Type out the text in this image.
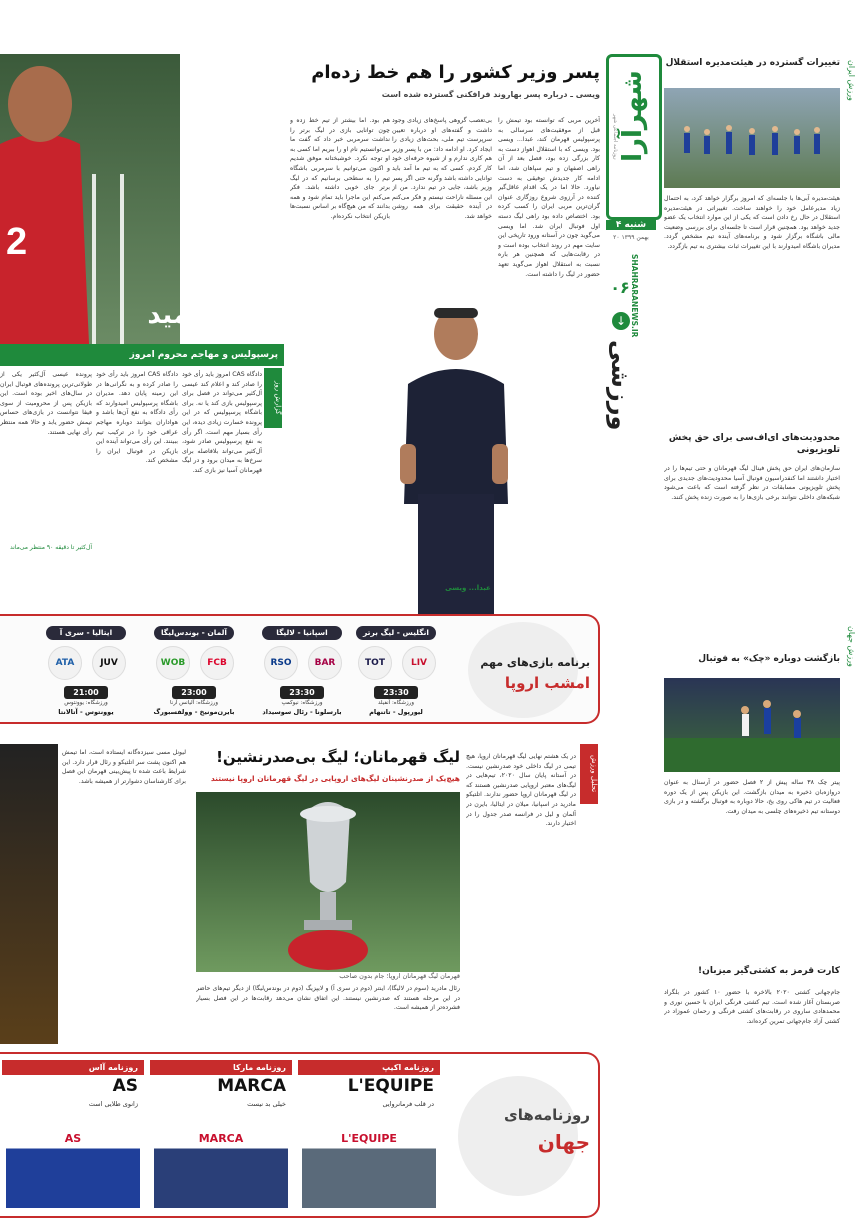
شهرآرا
روزنامه اجتماعی شهر
۴ شنبه
۲۰ بهمن ۱۳۹۹
SHAHRARANEWS.IR
۰۶
↓
ورزشی
تغییرات گسترده در هیئت‌مدیره استقلال
هیئت‌مدیره آبی‌ها با جلسه‌ای که امروز برگزار خواهد کرد، به احتمال زیاد مدیرعامل خود را خواهند ساخت. تغییراتی در هیئت‌مدیره استقلال در حال رخ دادن است که یکی از این موارد انتخاب یک عضو جدید خواهد بود. همچنین قرار است تا جلسه‌ای برای بررسی وضعیت مالی باشگاه برگزار شود و برنامه‌های آینده تیم مشخص گردد. مدیران باشگاه امیدوارند با این تغییرات ثبات بیشتری به تیم بازگردد.
محدودیت‌های ای‌اف‌سی برای حق پخش تلویزیونی
سازمان‌های ایران حق پخش فینال لیگ قهرمانان و حتی تیم‌ها را در اختیار داشتند اما کنفدراسیون فوتبال آسیا محدودیت‌های جدیدی برای پخش تلویزیونی مسابقات در نظر گرفته است که باعث می‌شود شبکه‌های داخلی نتوانند برخی بازی‌ها را به صورت زنده پخش کنند.
بازگشت دوباره «چک» به فوتبال
پیتر چک ۳۸ ساله پیش از ۲ فصل حضور در آرسنال به عنوان دروازه‌بان ذخیره به میدان بازگشت. این بازیکن پس از یک دوره فعالیت در تیم هاکی روی یخ، حالا دوباره به فوتبال برگشته و در بازی دوستانه تیم ذخیره‌های چلسی به میدان رفت.
کارت قرمز به کشتی‌گیر میزبان!
جام‌جهانی کشتی ۲۰۲۰ بالاخره با حضور ۱۰ کشور در بلگراد صربستان آغاز شده است. تیم کشتی فرنگی ایران با حسین نوری و محمدهادی ساروی در رقابت‌های کشتی فرنگی و رحمان عموزاد در کشتی آزاد جام‌جهانی تمرین کرده‌اند.
ورزش ایران
ورزش جهان
پسر وزیر کشور را هم خط زده‌ام
ویسی ـ درباره پسر بهاروند فرافکنی گسترده شده است
آخرین مربی که توانسته بود تیمش را قبل از موفقیت‌های سرسالی به پرسپولیس قهرمان کند، عبدا... ویسی بود. ویسی که با استقلال اهواز دست به کار بزرگی زده بود، فصل بعد از آن راهی اصفهان و تیم سپاهان شد، اما ادامه کار جدیدش توفیقی به دست نیاورد. حالا اما در یک اقدام عاقل‌گیر کننده در آرزوی شروع روزگاری عنوان گران‌ترین مربی ایران را کسب کرده بود. اختصاص داده بود راهی لیگ دسته اول فوتبال ایران شد. اما ویسی می‌گوید چون در آستانه ورود تاریخی این سایت مهم در روند انتخاب بوده است و در رقابت‌هایی که همچنین هر باره نسبت به استقلال اهواز می‌گوید تعهد حضور در لیگ را داشته است.
هم بود. اما بیشتر از تیم خط زده و چون توانایی بازی در لیگ برتر را نداشت سرمربی خبر داد که گفت ما می‌توانستیم نام او را ببریم اما کسی به او توجه نکرد. خوشبختانه موفق شدیم و اکنون می‌توانیم با سرمربی باشگاه تیم را به سطحی برسانیم که در لیگ برتر جای خوبی داشته باشد. فکر می‌کنم این ماجرا باید تمام شود و همه بدانند که من هیچ‌گاه بر اساس نسبت‌ها بازیکن انتخاب نکرده‌ام.
بی‌تعصب گروهی پاسخ‌های زیادی وجود داشت و گفته‌های او درباره تعیین سرپرست تیم ملی، بحث‌های زیادی را ایجاد کرد. او ادامه داد: من با پسر وزیر هم کاری ندارم و از شیوه حرفه‌ای خود کار کردم. کسی که به تیم ما آمد باید توانایی داشته باشد وگرنه حتی اگر پسر وزیر باشد، جایی در تیم ندارد. من از این مسئله ناراحت نیستم و فکر می‌کنم در آینده حقیقت برای همه روشن خواهد شد.
عبدا... ویسی
2
آخرین امید
پرسپولیس و مهاجم محروم امروز
گزارش روز
دادگاه CAS امروز باید رأی خود را صادر کند و اعلام کند عیسی آل‌کثیر می‌تواند در فصل برای پرسپولیس بازی کند یا نه. برای باشگاه پرسپولیس که در این پرونده خسارت زیادی دیده، این رأی بسیار مهم است. اگر رأی به نفع پرسپولیس صادر شود، آل‌کثیر می‌تواند بلافاصله برای سرخ‌ها به میدان برود و در لیگ قهرمانان آسیا نیز بازی کند.
دادگاه CAS امروز باید رأی خود را صادر کرده و به نگرانی‌ها در این زمینه پایان دهد. مدیران باشگاه پرسپولیس امیدوارند که رأی دادگاه به نفع آن‌ها باشد و هواداران بتوانند دوباره مهاجم عراقی خود را در ترکیب تیم ببینند. این رأی می‌تواند آینده این بازیکن در فوتبال ایران را مشخص کند.
پرونده عیسی آل‌کثیر یکی از طولانی‌ترین پرونده‌های فوتبال ایران در سال‌های اخیر بوده است. این بازیکن پس از محرومیت از سوی فیفا نتوانست در بازی‌های حساس تیمش حضور یابد و حالا همه منتظر رأی نهایی هستند.
آل‌کثیر تا دقیقه ۹۰ منتظر می‌ماند
برنامه بازی‌های مهم
امشب اروپا
انگلیس - لیگ برتر
TOT	LIV
23:30
ورزشگاه: آنفیلد
لیورپول - تاتنهام
اسپانیا - لالیگا
RSO	BAR
23:30
ورزشگاه: نیوکمپ
بارسلونا - رئال سوسیداد
آلمان - بوندس‌لیگا
WOB	FCB
23:00
ورزشگاه: آلیانس آرنا
بایرن‌مونیخ - وولفسبورگ
ایتالیا - سری آ
ATA	JUV
21:00
ورزشگاه: یوونتوس
یوونتوس - آتالانتا
تحلیل ورزش
لیگ قهرمانان؛ لیگ بی‌صدرنشین!
هیچ‌یک از صدرنشینان لیگ‌های اروپایی در لیگ قهرمانان اروپا نیستند
در یک هشتم نهایی لیگ قهرمانان اروپا، هیچ تیمی در لیگ داخلی خود صدرنشین نیست. در آستانه پایان سال ۲۰۲۰، تیم‌هایی در لیگ‌های معتبر اروپایی صدرنشین هستند که در لیگ قهرمانان اروپا حضور ندارند. اتلتیکو مادرید در اسپانیا، میلان در ایتالیا، بایرن در آلمان و لیل در فرانسه صدر جدول را در اختیار دارند.
قهرمان لیگ قهرمانان اروپا؛ جام بدون صاحب
رئال مادرید (سوم در لالیگا)، اینتر (دوم در سری آ) و لایپزیگ (دوم در بوندس‌لیگا) از دیگر تیم‌های حاضر در این مرحله هستند که صدرنشین نیستند. این اتفاق نشان می‌دهد رقابت‌ها در این فصل بسیار فشرده‌تر از همیشه است.
لیونل مسی سیزده‌گانه ایستاده است، اما تیمش هم اکنون پشت سر اتلتیکو و رئال قرار دارد. این شرایط باعث شده تا پیش‌بینی قهرمان این فصل برای کارشناسان دشوارتر از همیشه باشد.
روزنامه‌های
جهان
روزنامه اکیپ
L'EQUIPE
در قلب فرمانروایی
L'EQUIPE
روزنامه مارکا
MARCA
خیلی بد نیست
MARCA
روزنامه آاس
AS
زانوی طلایی است
AS
